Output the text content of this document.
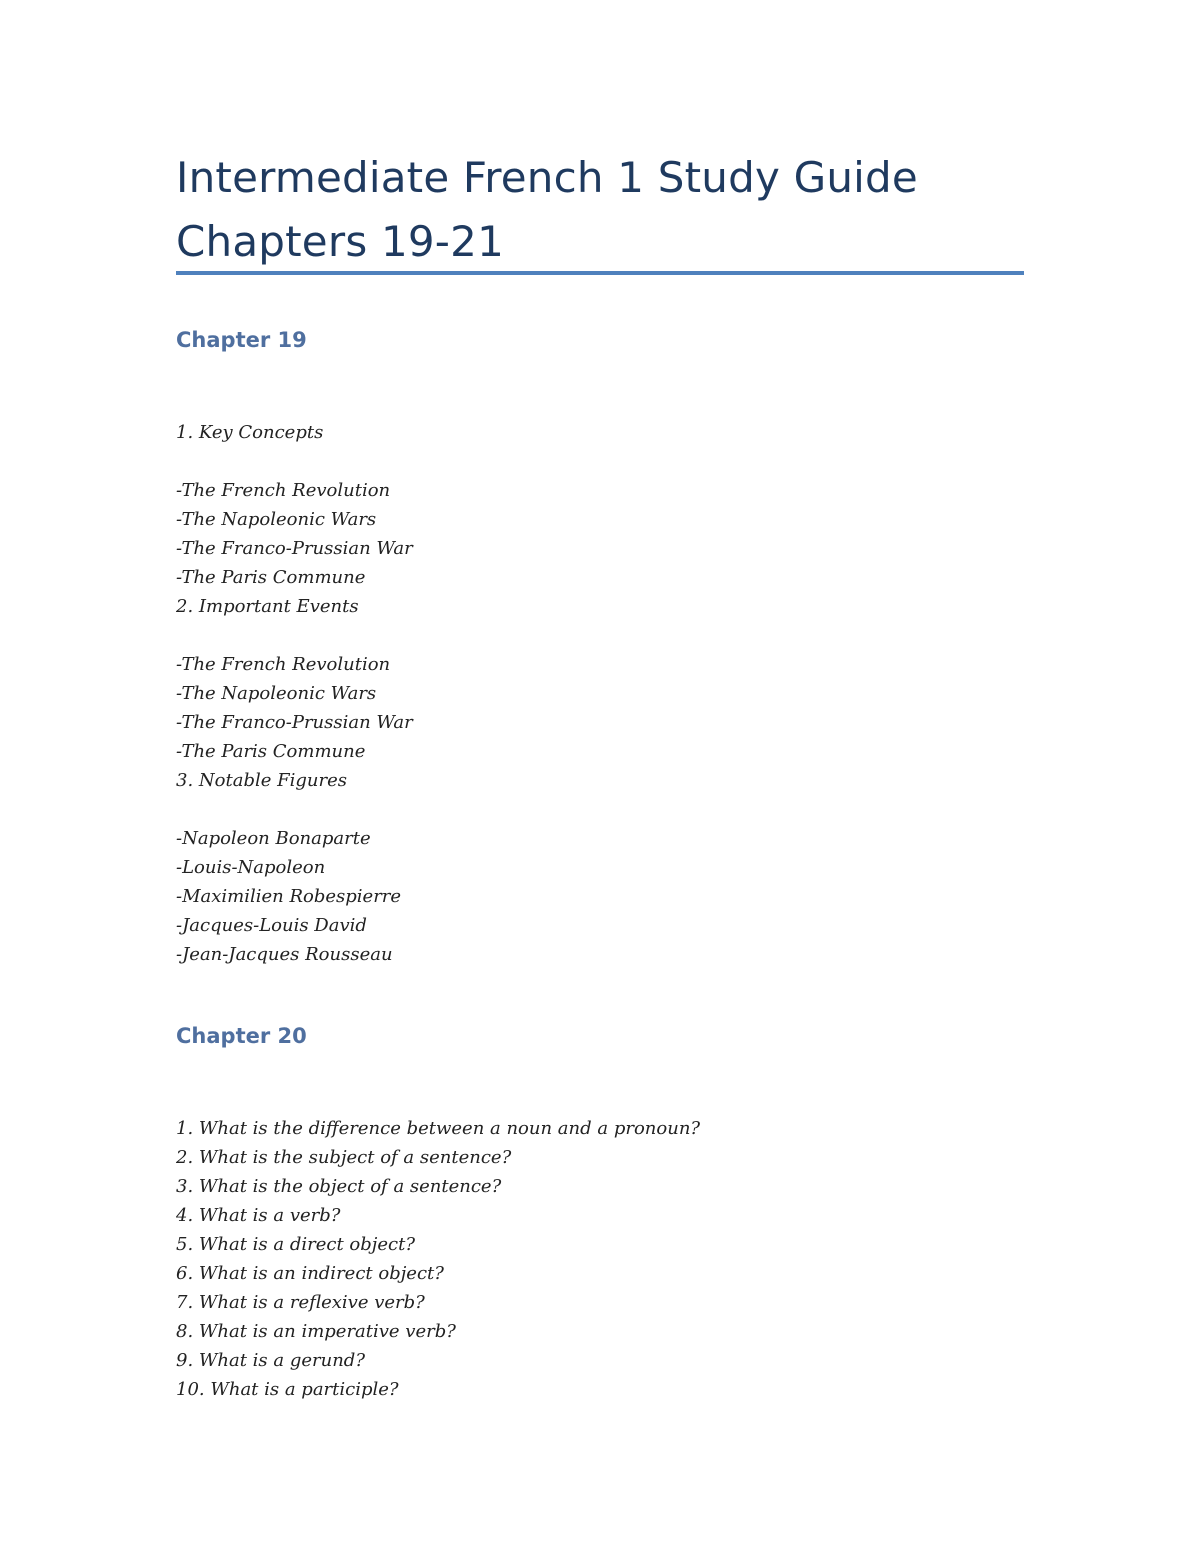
Intermediate French 1 Study Guide
Chapters 19-21
Chapter 19
1. Key Concepts
-The French Revolution
-The Napoleonic Wars
-The Franco-Prussian War
-The Paris Commune
2. Important Events
-The French Revolution
-The Napoleonic Wars
-The Franco-Prussian War
-The Paris Commune
3. Notable Figures
-Napoleon Bonaparte
-Louis-Napoleon
-Maximilien Robespierre
-Jacques-Louis David
-Jean-Jacques Rousseau
Chapter 20
1. What is the difference between a noun and a pronoun?
2. What is the subject of a sentence?
3. What is the object of a sentence?
4. What is a verb?
5. What is a direct object?
6. What is an indirect object?
7. What is a reflexive verb?
8. What is an imperative verb?
9. What is a gerund?
10. What is a participle?
